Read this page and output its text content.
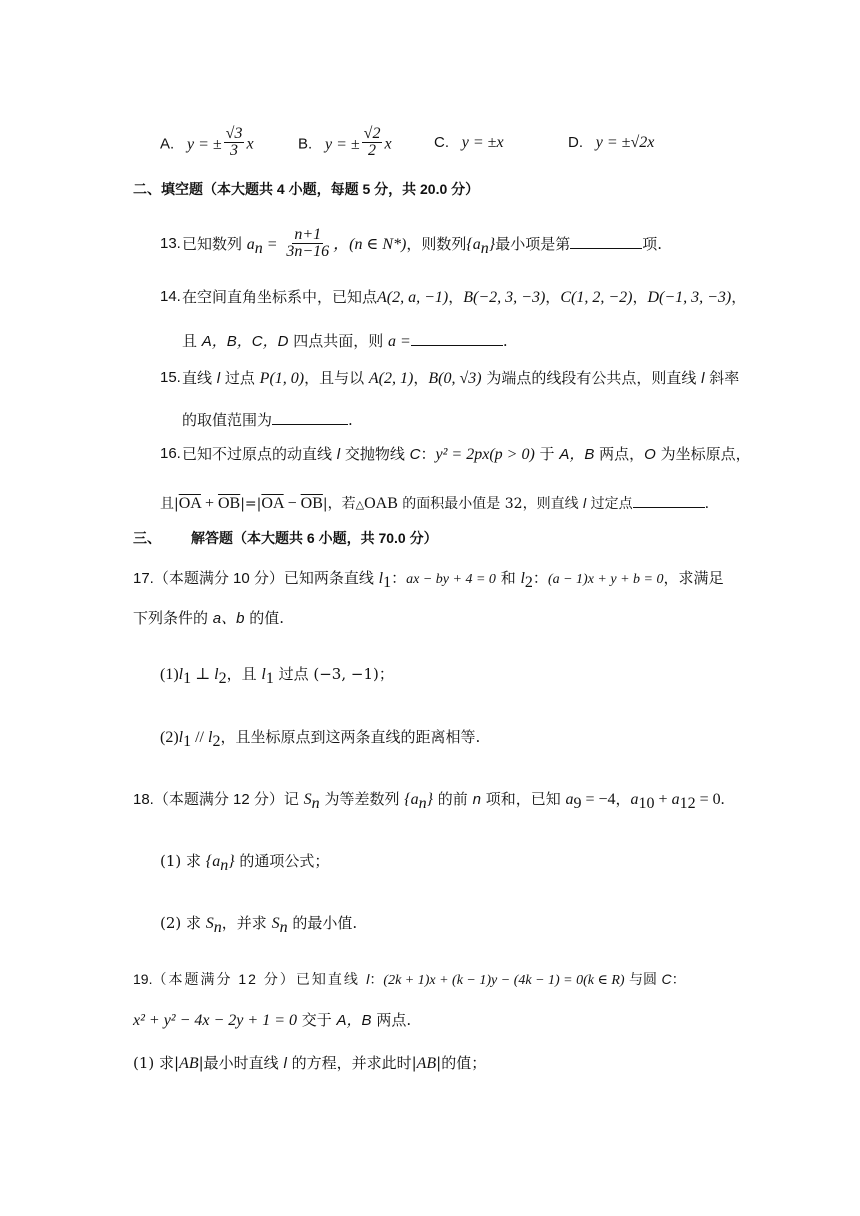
A. y = ± $\frac{√3}{3}$ x	B. y = ± $\frac{√2}{2}$ x	C. y = ±x	D. y = ±√2x
二、填空题（本大题共 4 小题，每题 5 分，共 20.0 分）
13. 已知数列 $a_n = \frac{n+1}{3n-16}$ ，(n ∈ N*)，则数列$\{a_n\}$最小项是第	项.
14. 在空间直角坐标系中，已知点A(2, a, −1)，B(−2, 3, −3)，C(1, 2, −2)，D(−1, 3, −3)，
且 A，B，C，D 四点共面，则 a =	.
15. 直线 l 过点 P(1, 0)，且与以 A(2, 1)，B(0, √3) 为端点的线段有公共点，则直线 l 斜率
的取值范围为	.
16. 已知不过原点的动直线 l 交抛物线 C：y² = 2px(p > 0) 于 A，B 两点，O 为坐标原点，
且$|\overline{OA} + \overline{OB}|=|\overline{OA} - \overline{OB}|$，若△OAB 的面积最小值是 32，则直线 l 过定点	.
三、 解答题（本大题共 6 小题，共 70.0 分）
17.（本题满分 10 分）已知两条直线 $l_1$：ax − by + 4 = 0 和 $l_2$：(a − 1)x + y + b = 0，求满足
下列条件的 a、b 的值.
$(1)l_1$ ⊥ $l_2$，且 $l_1$ 过点 (−3, −1)；
$(2)l_1 // l_2$，且坐标原点到这两条直线的距离相等.
18.（本题满分 12 分）记 $S_n$ 为等差数列 $\{a_n\}$ 的前 n 项和，已知 $a_9 = -4$，$a_{10} + a_{12} = 0$.
(1) 求 $\{a_n\}$ 的通项公式；
(2) 求 $S_n$，并求 $S_n$ 的最小值.
19.（本题满分 12 分）已知直线 l：(2k + 1)x + (k − 1)y − (4k − 1) = 0(k ∈ R) 与圆 C：
x² + y² − 4x − 2y + 1 = 0 交于 A，B 两点.
(1) 求|AB|最小时直线 l 的方程，并求此时|AB|的值；
